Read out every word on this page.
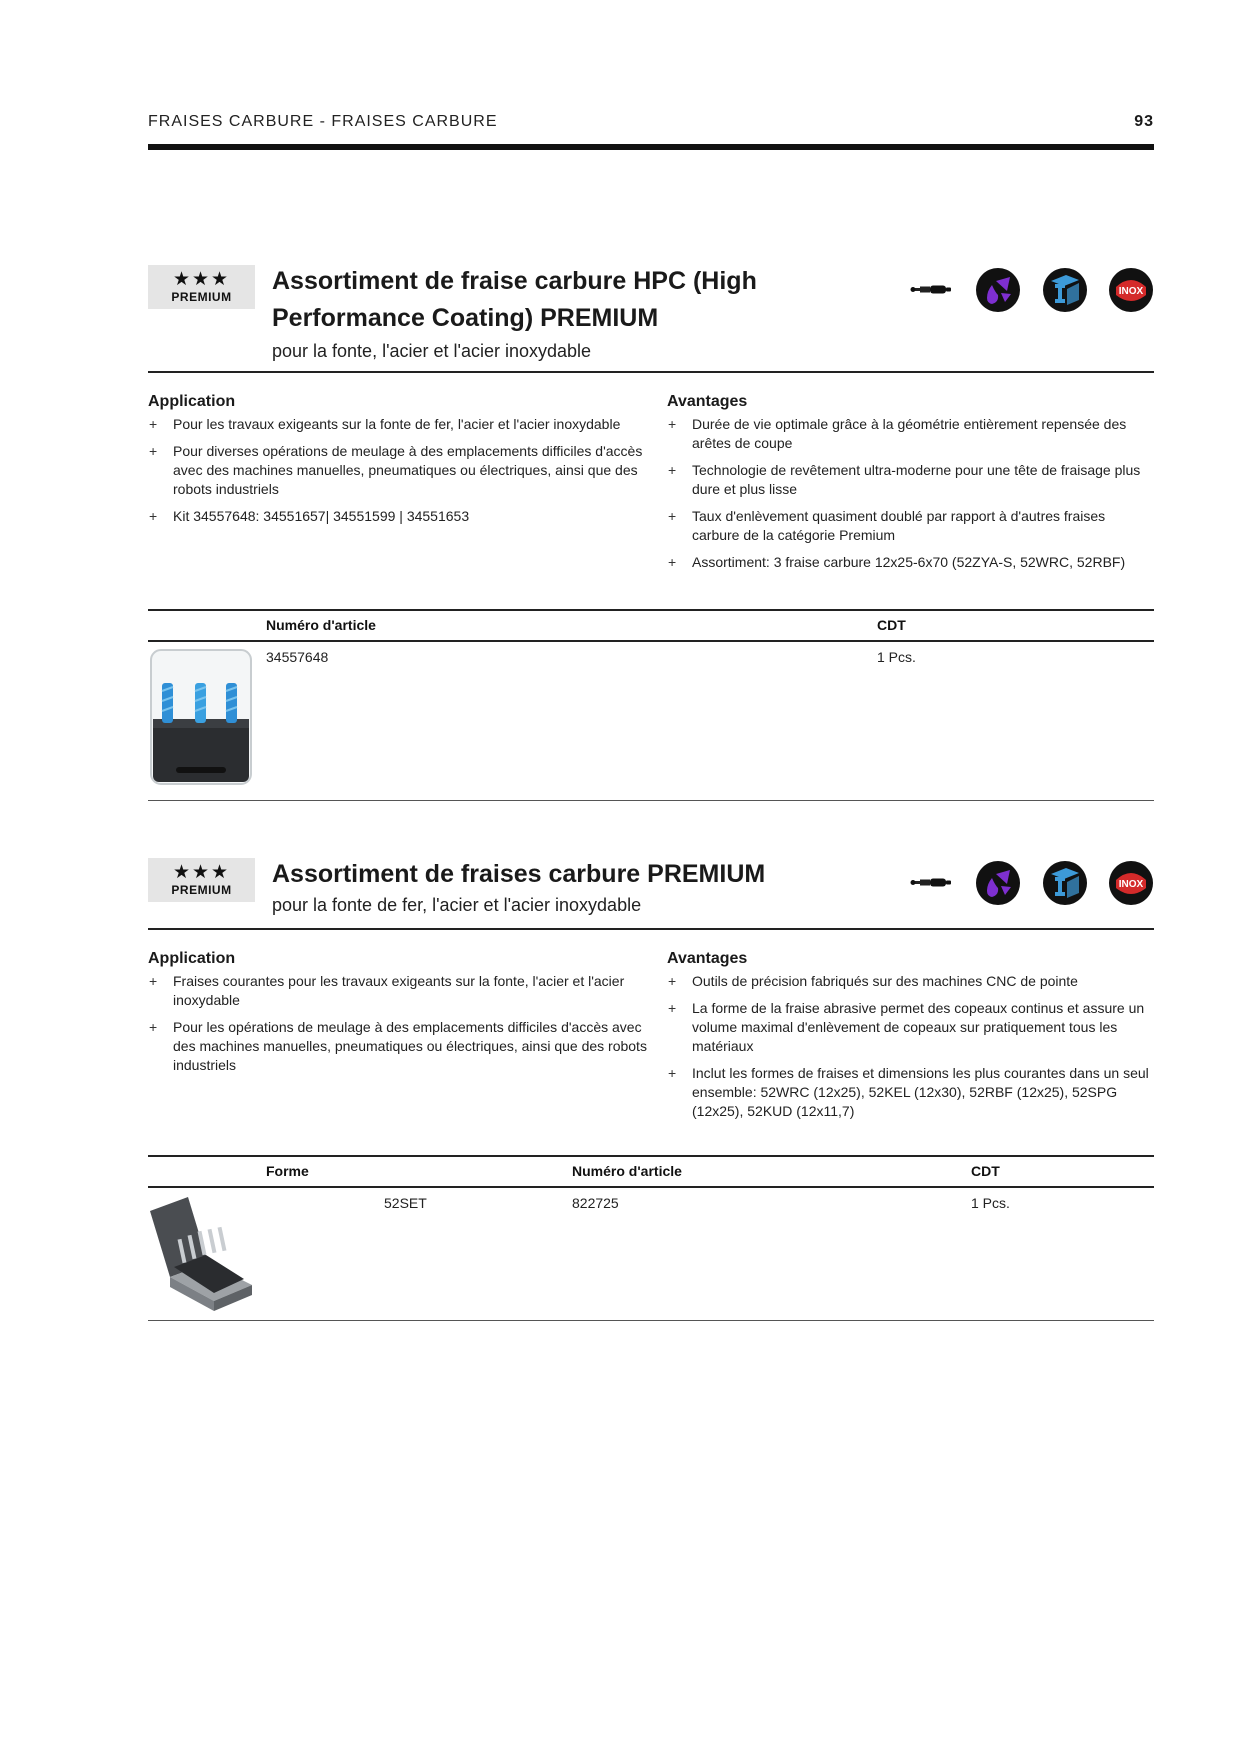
FRAISES CARBURE - FRAISES CARBURE	93
★★★
PREMIUM
Assortiment de fraise carbure HPC (High
Performance Coating) PREMIUM
pour la fonte, l'acier et l'acier inoxydable
INOX
Application
+ Pour les travaux exigeants sur la fonte de fer, l'acier et l'acier inoxydable
+ Pour diverses opérations de meulage à des emplacements difficiles d'accès avec des machines manuelles, pneumatiques ou électriques, ainsi que des robots industriels
+ Kit 34557648: 34551657| 34551599 | 34551653
Avantages
+ Durée de vie optimale grâce à la géométrie entièrement repensée des arêtes de coupe
+ Technologie de revêtement ultra-moderne pour une tête de fraisage plus dure et plus lisse
+ Taux d'enlèvement quasiment doublé par rapport à d'autres fraises carbure de la catégorie Premium
+ Assortiment: 3 fraise carbure 12x25-6x70 (52ZYA-S, 52WRC, 52RBF)
Numéro d'article	CDT
34557648	1 Pcs.
★★★
PREMIUM
Assortiment de fraises carbure PREMIUM
pour la fonte de fer, l'acier et l'acier inoxydable
INOX
Application
+ Fraises courantes pour les travaux exigeants sur la fonte, l'acier et l'acier inoxydable
+ Pour les opérations de meulage à des emplacements difficiles d'accès avec des machines manuelles, pneumatiques ou électriques, ainsi que des robots industriels
Avantages
+ Outils de précision fabriqués sur des machines CNC de pointe
+ La forme de la fraise abrasive permet des copeaux continus et assure un volume maximal d'enlèvement de copeaux sur pratiquement tous les matériaux
+ Inclut les formes de fraises et dimensions les plus courantes dans un seul ensemble: 52WRC (12x25), 52KEL (12x30), 52RBF (12x25), 52SPG (12x25), 52KUD (12x11,7)
Forme	Numéro d'article	CDT
52SET	822725	1 Pcs.
